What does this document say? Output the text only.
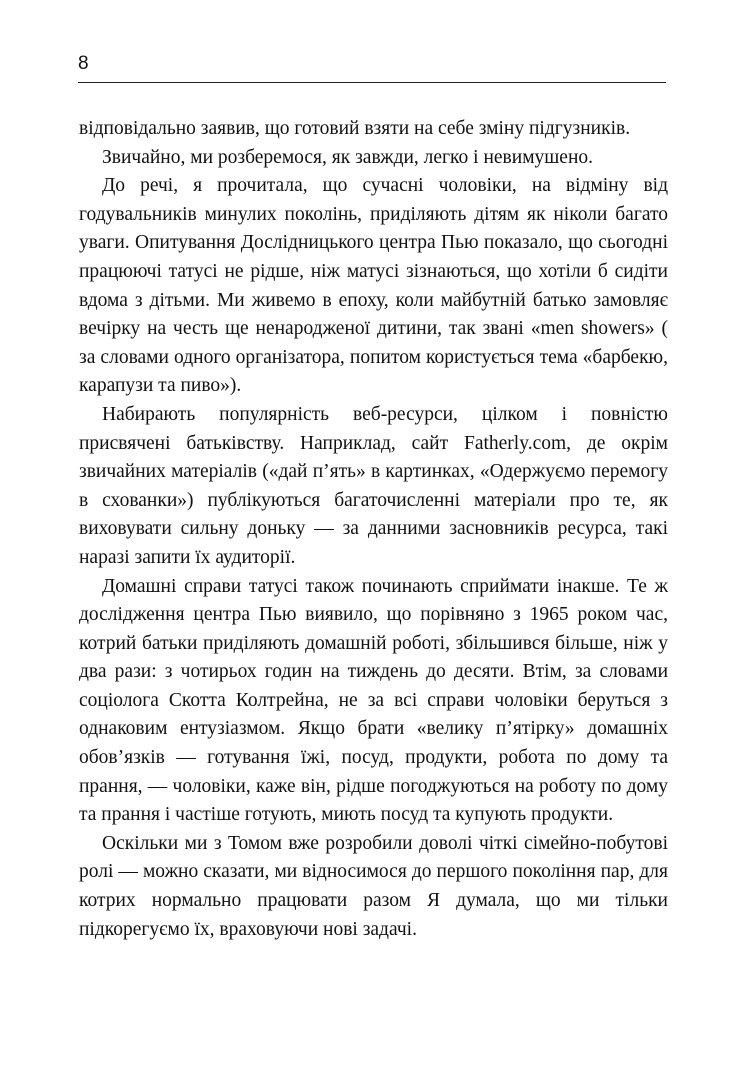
8

відповідально заявив, що готовий взяти на себе зміну підгузників.

Звичайно, ми розберемося, як завжди, легко і невимушено.

До речі, я прочитала, що сучасні чоловіки, на відміну від годувальників минулих поколінь, приділяють дітям як ніколи багато уваги. Опитування Дослідницького центра Пью показало, що сьогодні працюючі татусі не рідше, ніж матусі зізнаються, що хотіли б сидіти вдома з дітьми. Ми живемо в епоху, коли майбутній батько замовляє вечірку на честь ще ненародженої дитини, так звані «men showers» ( за словами одного організатора, попитом користується тема «барбекю, карапузи та пиво»).

Набирають популярність веб-ресурси, цілком і повністю присвячені батьківству. Наприклад, сайт Fatherly.com, де окрім звичайних матеріалів («дай п’ять» в картинках, «Одержуємо перемогу в схованки») публікуються багаточисленні матеріали про те, як виховувати сильну доньку — за данними засновників ресурса, такі наразі запити їх аудиторії.

Домашні справи татусі також починають сприймати інакше. Те ж дослідження центра Пью виявило, що порівняно з 1965 роком час, котрий батьки приділяють домашній роботі, збільшився більше, ніж у два рази: з чотирьох годин на тиждень до десяти. Втім, за словами соціолога Скотта Колтрейна, не за всі справи чоловіки беруться з однаковим ентузіазмом. Якщо брати «велику п’ятірку» домашніх обов’язків — готування їжі, посуд, продукти, робота по дому та прання, — чоловіки, каже він, рідше погоджуються на роботу по дому та прання і частіше готують, миють посуд та купують продукти.

Оскільки ми з Томом вже розробили доволі чіткі сімейно-побутові ролі — можно сказати, ми відносимося до першого покоління пар, для котрих нормально працювати разом Я думала, що ми тільки підкорегуємо їх, враховуючи нові задачі.
